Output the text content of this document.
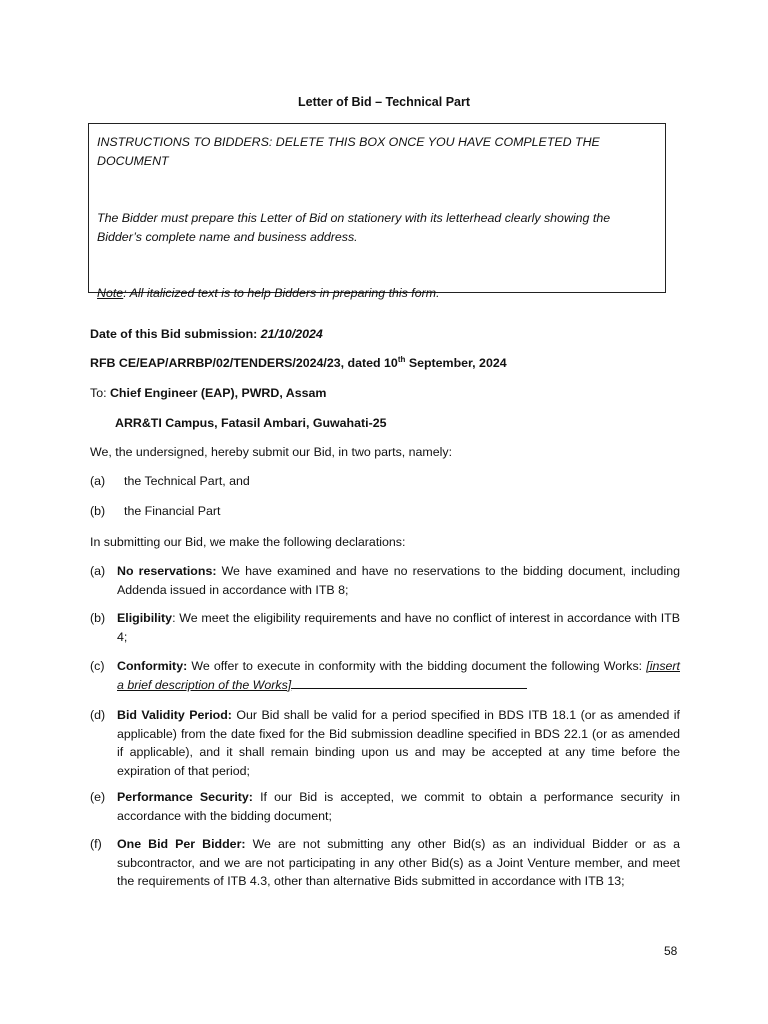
Letter of Bid – Technical Part

INSTRUCTIONS TO BIDDERS: DELETE THIS BOX ONCE YOU HAVE COMPLETED THE DOCUMENT

The Bidder must prepare this Letter of Bid on stationery with its letterhead clearly showing the Bidder’s complete name and business address.

Note: All italicized text is to help Bidders in preparing this form.

Date of this Bid submission: 21/10/2024

RFB CE/EAP/ARRBP/02/TENDERS/2024/23, dated 10th September, 2024

To: Chief Engineer (EAP), PWRD, Assam

ARR&TI Campus, Fatasil Ambari, Guwahati-25

We, the undersigned, hereby submit our Bid, in two parts, namely:

(a) the Technical Part, and
(b) the Financial Part

In submitting our Bid, we make the following declarations:

(a) No reservations: We have examined and have no reservations to the bidding document, including Addenda issued in accordance with ITB 8;
(b) Eligibility: We meet the eligibility requirements and have no conflict of interest in accordance with ITB 4;
(c) Conformity: We offer to execute in conformity with the bidding document the following Works: [insert a brief description of the Works]
(d) Bid Validity Period: Our Bid shall be valid for a period specified in BDS ITB 18.1 (or as amended if applicable) from the date fixed for the Bid submission deadline specified in BDS 22.1 (or as amended if applicable), and it shall remain binding upon us and may be accepted at any time before the expiration of that period;
(e) Performance Security: If our Bid is accepted, we commit to obtain a performance security in accordance with the bidding document;
(f) One Bid Per Bidder: We are not submitting any other Bid(s) as an individual Bidder or as a subcontractor, and we are not participating in any other Bid(s) as a Joint Venture member, and meet the requirements of ITB 4.3, other than alternative Bids submitted in accordance with ITB 13;
58
